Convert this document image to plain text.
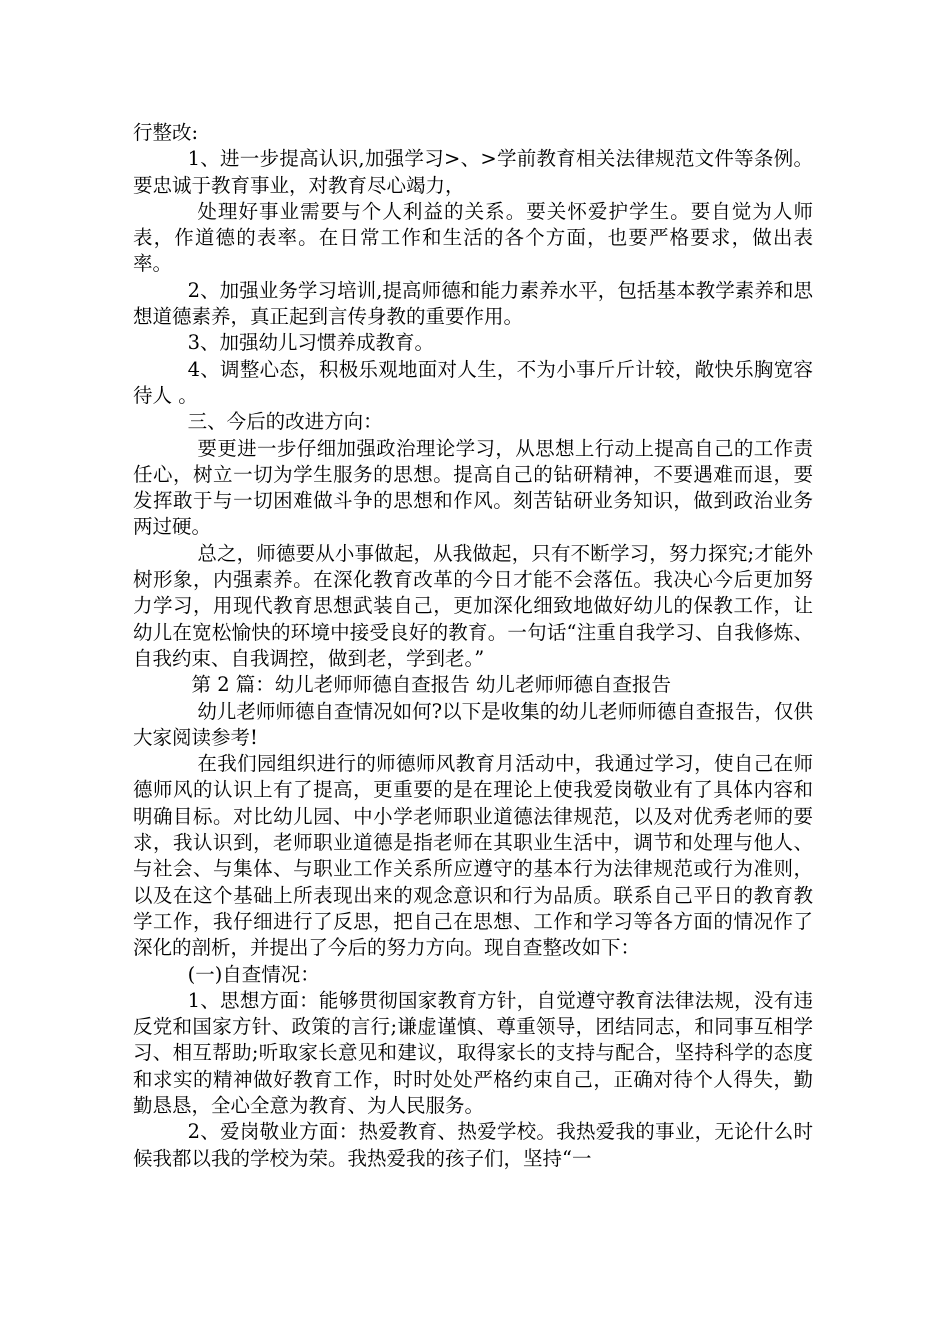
行整改:

1、进一步提高认识,加强学习>、>学前教育相关法律规范文件等条例。要忠诚于教育事业，对教育尽心竭力，

处理好事业需要与个人利益的关系。要关怀爱护学生。要自觉为人师表，作道德的表率。在日常工作和生活的各个方面，也要严格要求，做出表率。

2、加强业务学习培训,提高师德和能力素养水平，包括基本教学素养和思想道德素养，真正起到言传身教的重要作用。

3、加强幼儿习惯养成教育。

4、调整心态，积极乐观地面对人生，不为小事斤斤计较，敞快乐胸宽容待人 。

三、今后的改进方向：

要更进一步仔细加强政治理论学习，从思想上行动上提高自己的工作责任心，树立一切为学生服务的思想。提高自己的钻研精神，不要遇难而退，要发挥敢于与一切困难做斗争的思想和作风。刻苦钻研业务知识，做到政治业务两过硬。

总之，师德要从小事做起，从我做起，只有不断学习，努力探究;才能外树形象，内强素养。在深化教育改革的今日才能不会落伍。我决心今后更加努力学习，用现代教育思想武装自己，更加深化细致地做好幼儿的保教工作，让幼儿在宽松愉快的环境中接受良好的教育。一句话“注重自我学习、自我修炼、自我约束、自我调控，做到老，学到老。”

第 2 篇：幼儿老师师德自查报告 幼儿老师师德自查报告

幼儿老师师德自查情况如何?以下是收集的幼儿老师师德自查报告，仅供大家阅读参考!

在我们园组织进行的师德师风教育月活动中，我通过学习，使自己在师德师风的认识上有了提高，更重要的是在理论上使我爱岗敬业有了具体内容和明确目标。对比幼儿园、中小学老师职业道德法律规范，以及对优秀老师的要求，我认识到，老师职业道德是指老师在其职业生活中，调节和处理与他人、与社会、与集体、与职业工作关系所应遵守的基本行为法律规范或行为准则，以及在这个基础上所表现出来的观念意识和行为品质。联系自己平日的教育教学工作，我仔细进行了反思，把自己在思想、工作和学习等各方面的情况作了深化的剖析，并提出了今后的努力方向。现自查整改如下：

(一)自查情况：

1、思想方面：能够贯彻国家教育方针，自觉遵守教育法律法规，没有违反党和国家方针、政策的言行;谦虚谨慎、尊重领导，团结同志，和同事互相学习、相互帮助;听取家长意见和建议，取得家长的支持与配合，坚持科学的态度和求实的精神做好教育工作，时时处处严格约束自己，正确对待个人得失，勤勤恳恳，全心全意为教育、为人民服务。

2、爱岗敬业方面：热爱教育、热爱学校。我热爱我的事业，无论什么时候我都以我的学校为荣。我热爱我的孩子们，坚持“一
